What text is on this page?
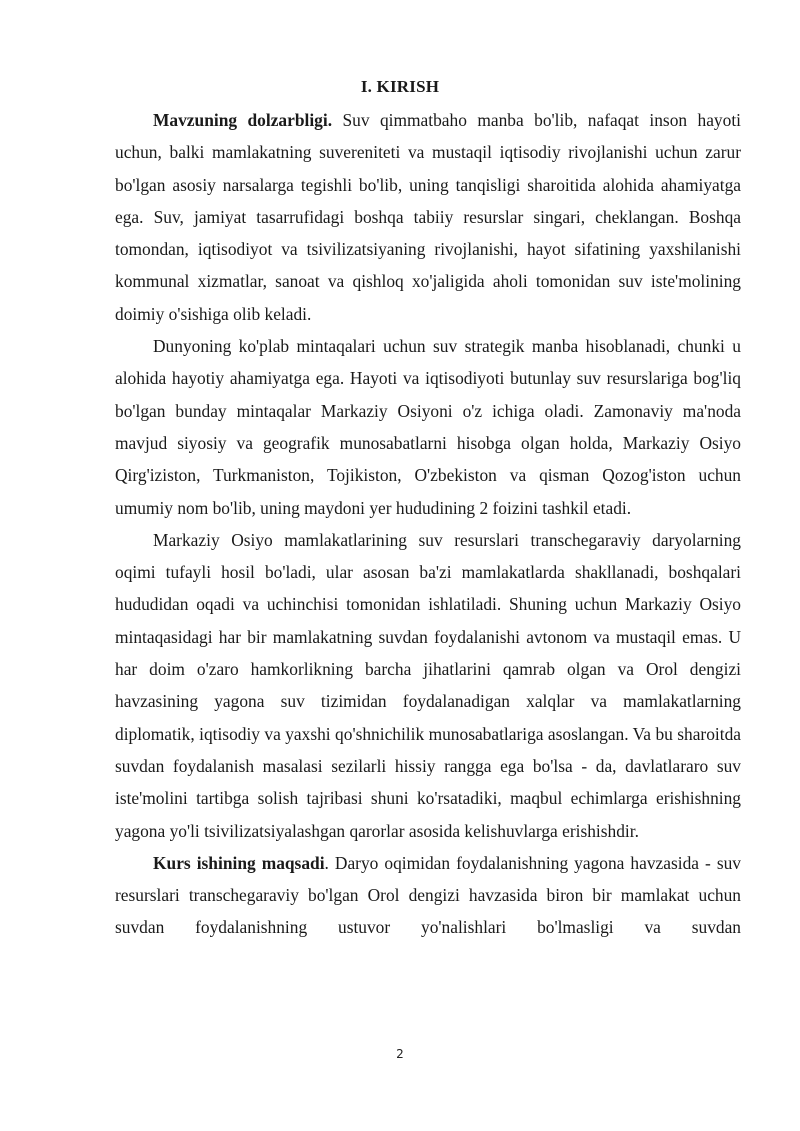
I. KIRISH

Mavzuning dolzarbligi. Suv qimmatbaho manba bo'lib, nafaqat inson hayoti uchun, balki mamlakatning suvereniteti va mustaqil iqtisodiy rivojlanishi uchun zarur bo'lgan asosiy narsalarga tegishli bo'lib, uning tanqisligi sharoitida alohida ahamiyatga ega. Suv, jamiyat tasarrufidagi boshqa tabiiy resurslar singari, cheklangan. Boshqa tomondan, iqtisodiyot va tsivilizatsiyaning rivojlanishi, hayot sifatining yaxshilanishi kommunal xizmatlar, sanoat va qishloq xo'jaligida aholi tomonidan suv iste'molining doimiy o'sishiga olib keladi.

Dunyoning ko'plab mintaqalari uchun suv strategik manba hisoblanadi, chunki u alohida hayotiy ahamiyatga ega. Hayoti va iqtisodiyoti butunlay suv resurslariga bog'liq bo'lgan bunday mintaqalar Markaziy Osiyoni o'z ichiga oladi. Zamonaviy ma'noda mavjud siyosiy va geografik munosabatlarni hisobga olgan holda, Markaziy Osiyo Qirg'iziston, Turkmaniston, Tojikiston, O'zbekiston va qisman Qozog'iston uchun umumiy nom bo'lib, uning maydoni yer hududining 2 foizini tashkil etadi.

Markaziy Osiyo mamlakatlarining suv resurslari transchegaraviy daryolarning oqimi tufayli hosil bo'ladi, ular asosan ba'zi mamlakatlarda shakllanadi, boshqalari hududidan oqadi va uchinchisi tomonidan ishlatiladi. Shuning uchun Markaziy Osiyo mintaqasidagi har bir mamlakatning suvdan foydalanishi avtonom va mustaqil emas. U har doim o'zaro hamkorlikning barcha jihatlarini qamrab olgan va Orol dengizi havzasining yagona suv tizimidan foydalanadigan xalqlar va mamlakatlarning diplomatik, iqtisodiy va yaxshi qo'shnichilik munosabatlariga asoslangan. Va bu sharoitda suvdan foydalanish masalasi sezilarli hissiy rangga ega bo'lsa - da, davlatlararo suv iste'molini tartibga solish tajribasi shuni ko'rsatadiki, maqbul echimlarga erishishning yagona yo'li tsivilizatsiyalashgan qarorlar asosida kelishuvlarga erishishdir.

Kurs ishining maqsadi. Daryo oqimidan foydalanishning yagona havzasida - suv resurslari transchegaraviy bo'lgan Orol dengizi havzasida biron bir mamlakat uchun suvdan foydalanishning ustuvor yo'nalishlari bo'lmasligi va suvdan

2
